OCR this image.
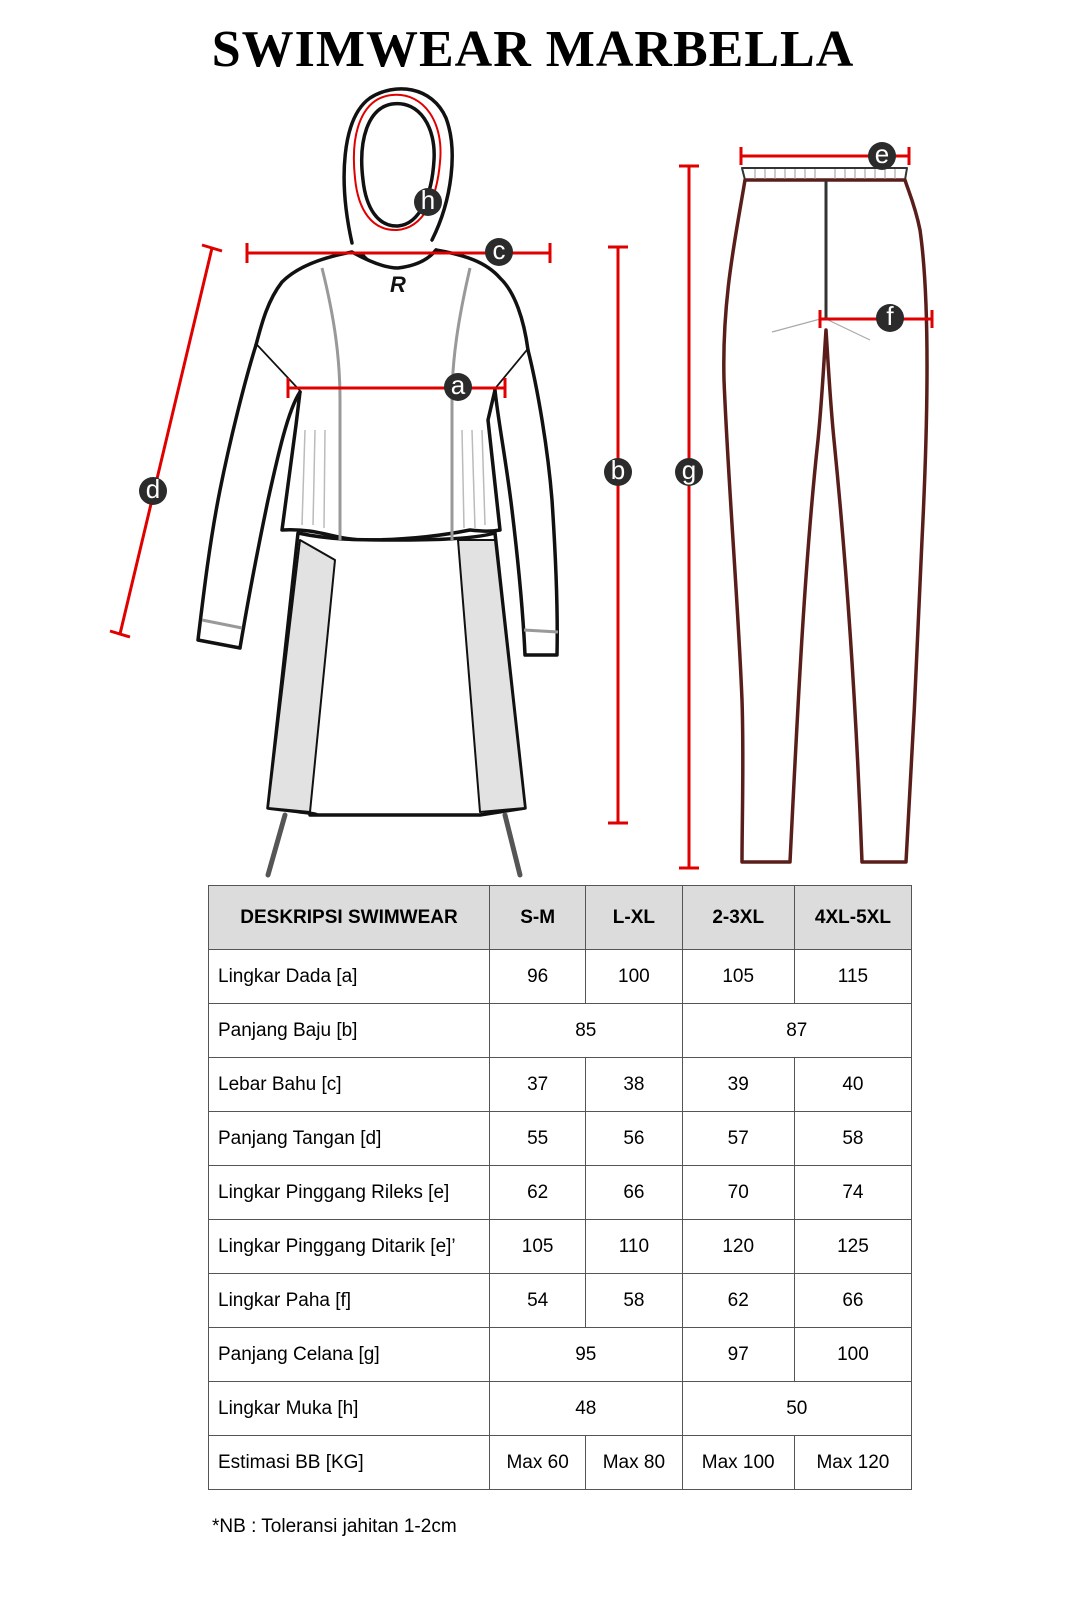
SWIMWEAR MARBELLA
R
a
b
c
d
e
f
g
h
DESKRIPSI SWIMWEAR	S-M	L-XL	2-3XL	4XL-5XL
Lingkar Dada [a]	96	100	105	115
Panjang Baju [b]	85		87	
Lebar Bahu [c]	37	38	39	40
Panjang Tangan [d]	55	56	57	58
Lingkar Pinggang Rileks [e]	62	66	70	74
Lingkar Pinggang Ditarik [e]’	105	110	120	125
Lingkar Paha [f]	54	58	62	66
Panjang Celana [g]	95		97	100
Lingkar Muka [h]	48		50	
Estimasi BB [KG]	Max 60	Max 80	Max 100	Max 120
*NB : Toleransi jahitan 1-2cm
